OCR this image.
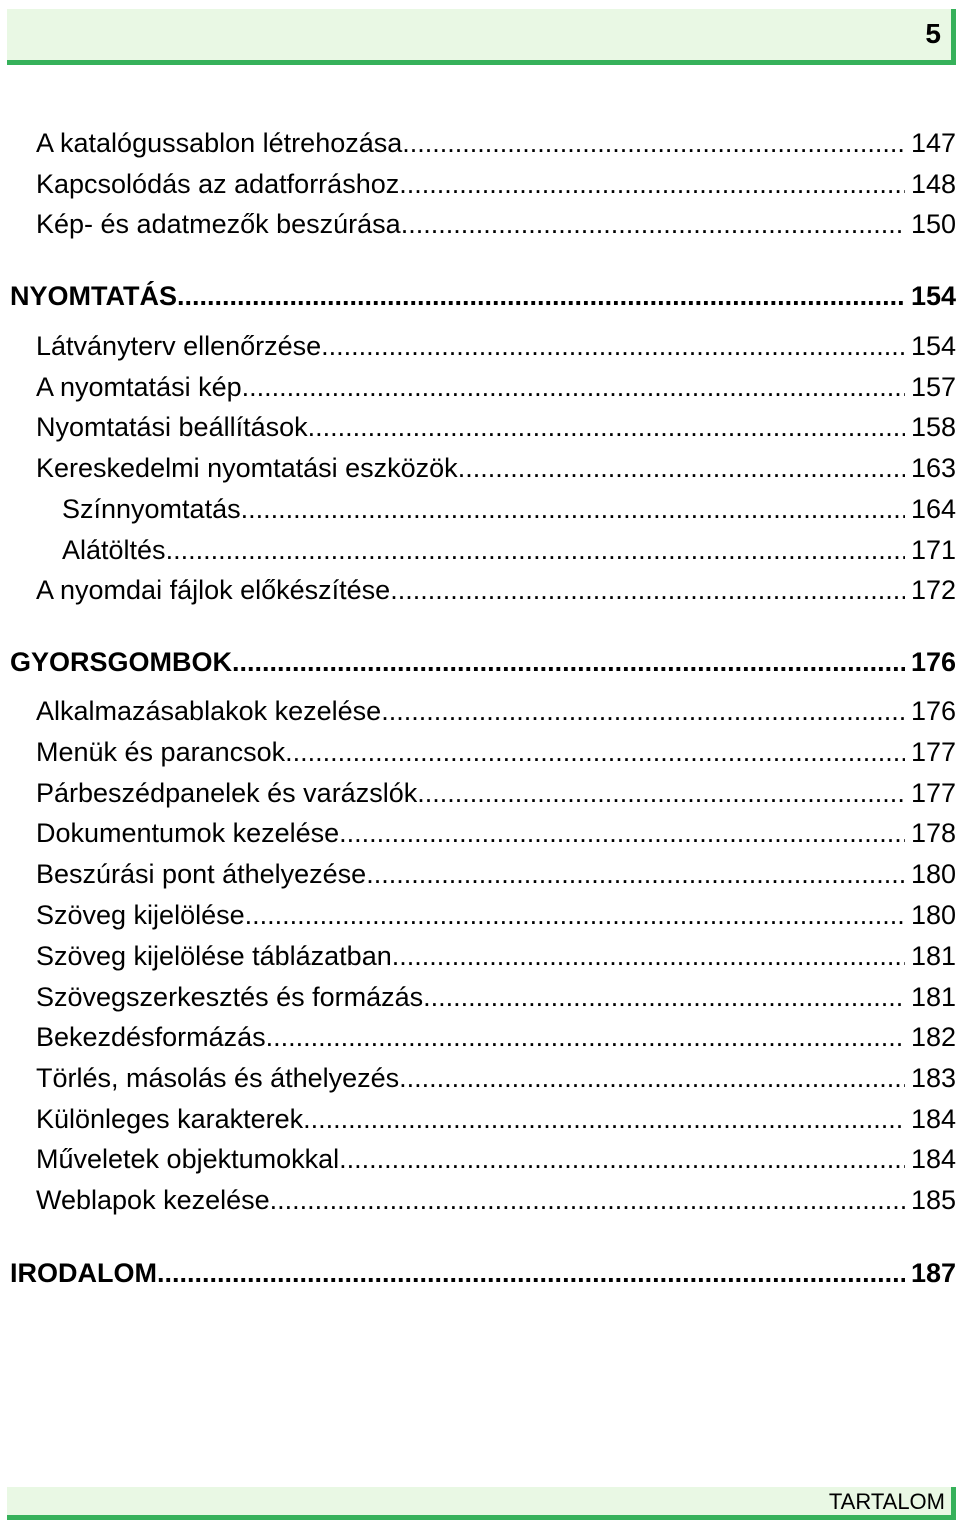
5
A katalógussablon létrehozása .....	147
Kapcsolódás az adatforráshoz .....	148
Kép- és adatmezők beszúrása .....	150
NYOMTATÁS .....	154
Látványterv ellenőrzése .....	154
A nyomtatási kép .....	157
Nyomtatási beállítások .....	158
Kereskedelmi nyomtatási eszközök .....	163
Színnyomtatás .....	164
Alátöltés .....	171
A nyomdai fájlok előkészítése .....	172
GYORSGOMBOK .....	176
Alkalmazásablakok kezelése .....	176
Menük és parancsok .....	177
Párbeszédpanelek és varázslók .....	177
Dokumentumok kezelése .....	178
Beszúrási pont áthelyezése .....	180
Szöveg kijelölése .....	180
Szöveg kijelölése táblázatban .....	181
Szövegszerkesztés és formázás .....	181
Bekezdésformázás .....	182
Törlés, másolás és áthelyezés .....	183
Különleges karakterek .....	184
Műveletek objektumokkal .....	184
Weblapok kezelése .....	185
IRODALOM .....	187
TARTALOM
